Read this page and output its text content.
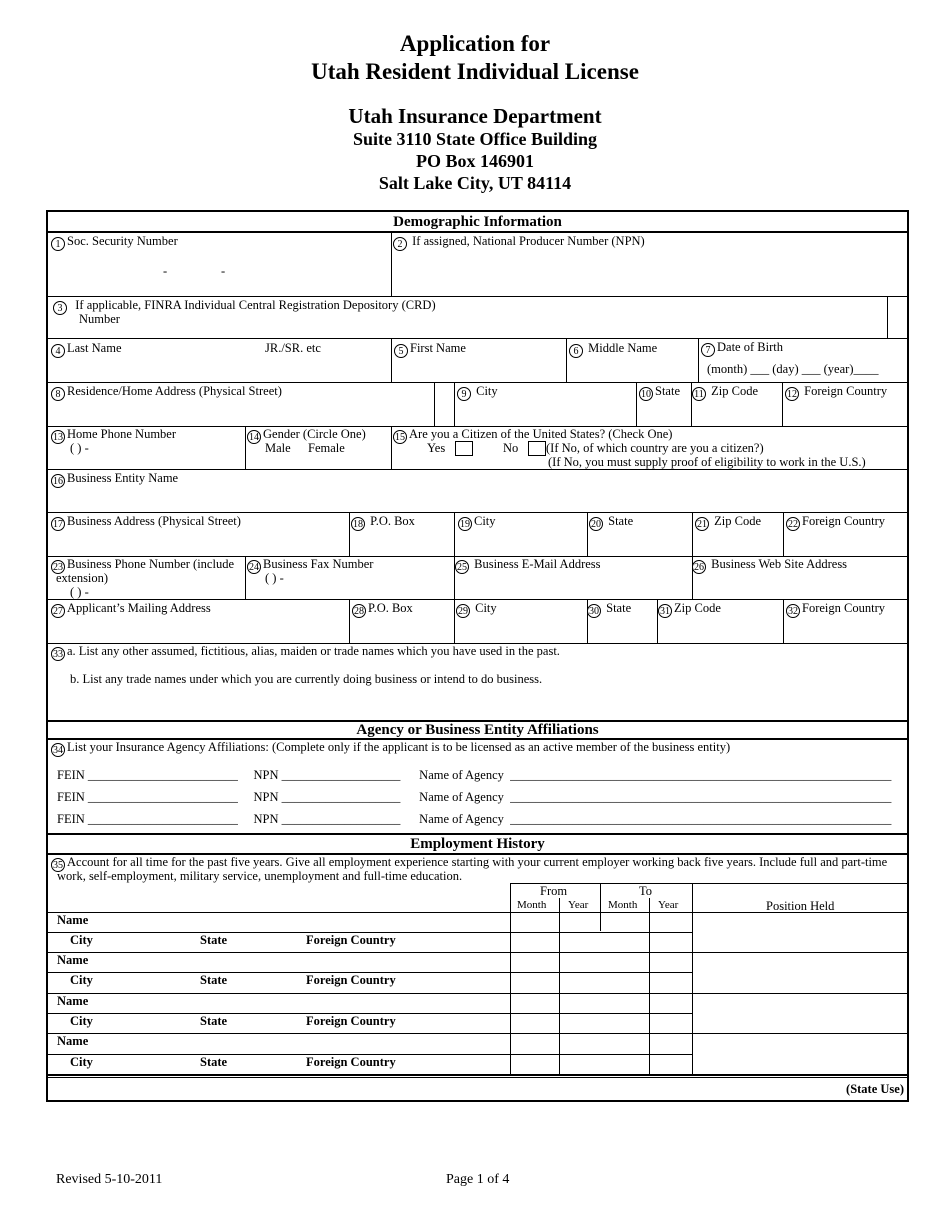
Application for
Utah Resident Individual License
Utah Insurance Department
Suite 3110 State Office Building
PO Box 146901
Salt Lake City, UT 84114
Demographic Information
1 Soc. Security Number
-	-
2 If assigned, National Producer Number (NPN)
3 If applicable, FINRA Individual Central Registration Depository (CRD)
Number
4 Last Name	JR./SR. etc	5 First Name	6 Middle Name	7 Date of Birth
(month) ___ (day) ___ (year)____
8 Residence/Home Address (Physical Street)	9 City	10 State 11 Zip Code	12 Foreign Country
13 Home Phone Number
( ) -
14 Gender (Circle One)
Male Female
15 Are you a Citizen of the United States? (Check One)
Yes	No (If No, of which country are you a citizen?)
(If No, you must supply proof of eligibility to work in the U.S.)
16 Business Entity Name
17 Business Address (Physical Street)	18 P.O. Box	19 City	20 State	21 Zip Code	22 Foreign Country
23 Business Phone Number (include
extension)
( ) -
24 Business Fax Number
( ) -
25 Business E-Mail Address	26 Business Web Site Address
27 Applicant’s Mailing Address	28 P.O. Box	29 City	30 State	31 Zip Code	32 Foreign Country
33 a. List any other assumed, fictitious, alias, maiden or trade names which you have used in the past.
b. List any trade names under which you are currently doing business or intend to do business.
Agency or Business Entity Affiliations
34 List your Insurance Agency Affiliations: (Complete only if the applicant is to be licensed as an active member of the business entity)
FEIN ________________________     NPN ___________________      Name of Agency  _____________________________________________________________
FEIN ________________________     NPN ___________________      Name of Agency  _____________________________________________________________
FEIN ________________________     NPN ___________________      Name of Agency  _____________________________________________________________
Employment History
35 Account for all time for the past five years. Give all employment experience starting with your current employer working back five years. Include full and part-time
work, self-employment, military service, unemployment and full-time education.
From	To
Month Year Month Year	Position Held
Name
City	State	Foreign Country
Name
City	State	Foreign Country
Name
City	State	Foreign Country
Name
City	State	Foreign Country
(State Use)
Revised 5-10-2011	Page 1 of 4
